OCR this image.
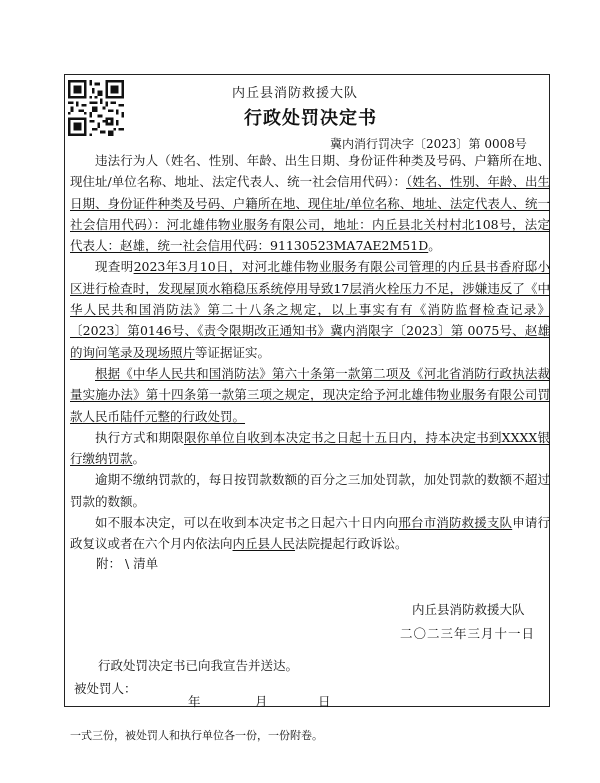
内丘县消防救援大队
行政处罚决定书
冀内消行罚决字〔2023〕第 0008号

违法行为人（姓名、性别、年龄、出生日期、身份证件种类及号码、户籍所在地、现住址/单位名称、地址、法定代表人、统一社会信用代码）：（姓名、性别、年龄、出生日期、身份证件种类及号码、户籍所在地、现住址/单位名称、地址、法定代表人、统一社会信用代码）：河北雄伟物业服务有限公司，地址：内丘县北关村村北108号，法定代表人：赵雄，统一社会信用代码：91130523MA7AE2M51D。

现查明2023年3月10日，对河北雄伟物业服务有限公司管理的内丘县书香府邸小区进行检查时，发现屋顶水箱稳压系统停用导致17层消火栓压力不足，涉嫌违反了《中华人民共和国消防法》第二十八条之规定，以上事实有有《消防监督检查记录》〔2023〕第0146号、《责令限期改正通知书》冀内消限字〔2023〕第 0075号、赵雄的询问笔录及现场照片等证据证实。

根据《中华人民共和国消防法》第六十条第一款第二项及《河北省消防行政执法裁量实施办法》第十四条第一款第三项之规定，现决定给予河北雄伟物业服务有限公司罚款人民币陆仟元整的行政处罚。

执行方式和期限限你单位自收到本决定书之日起十五日内，持本决定书到XXXX银行缴纳罚款。

逾期不缴纳罚款的，每日按罚款数额的百分之三加处罚款，加处罚款的数额不超过罚款的数额。

如不服本决定，可以在收到本决定书之日起六十日内向邢台市消防救援支队申请行政复议或者在六个月内依法向内丘县人民法院提起行政诉讼。

附： \ 清单
内丘县消防救援大队
二〇二三年三月十一日
行政处罚决定书已向我宣告并送达。
被处罚人：
年	月	日
一式三份，被处罚人和执行单位各一份，一份附卷。
